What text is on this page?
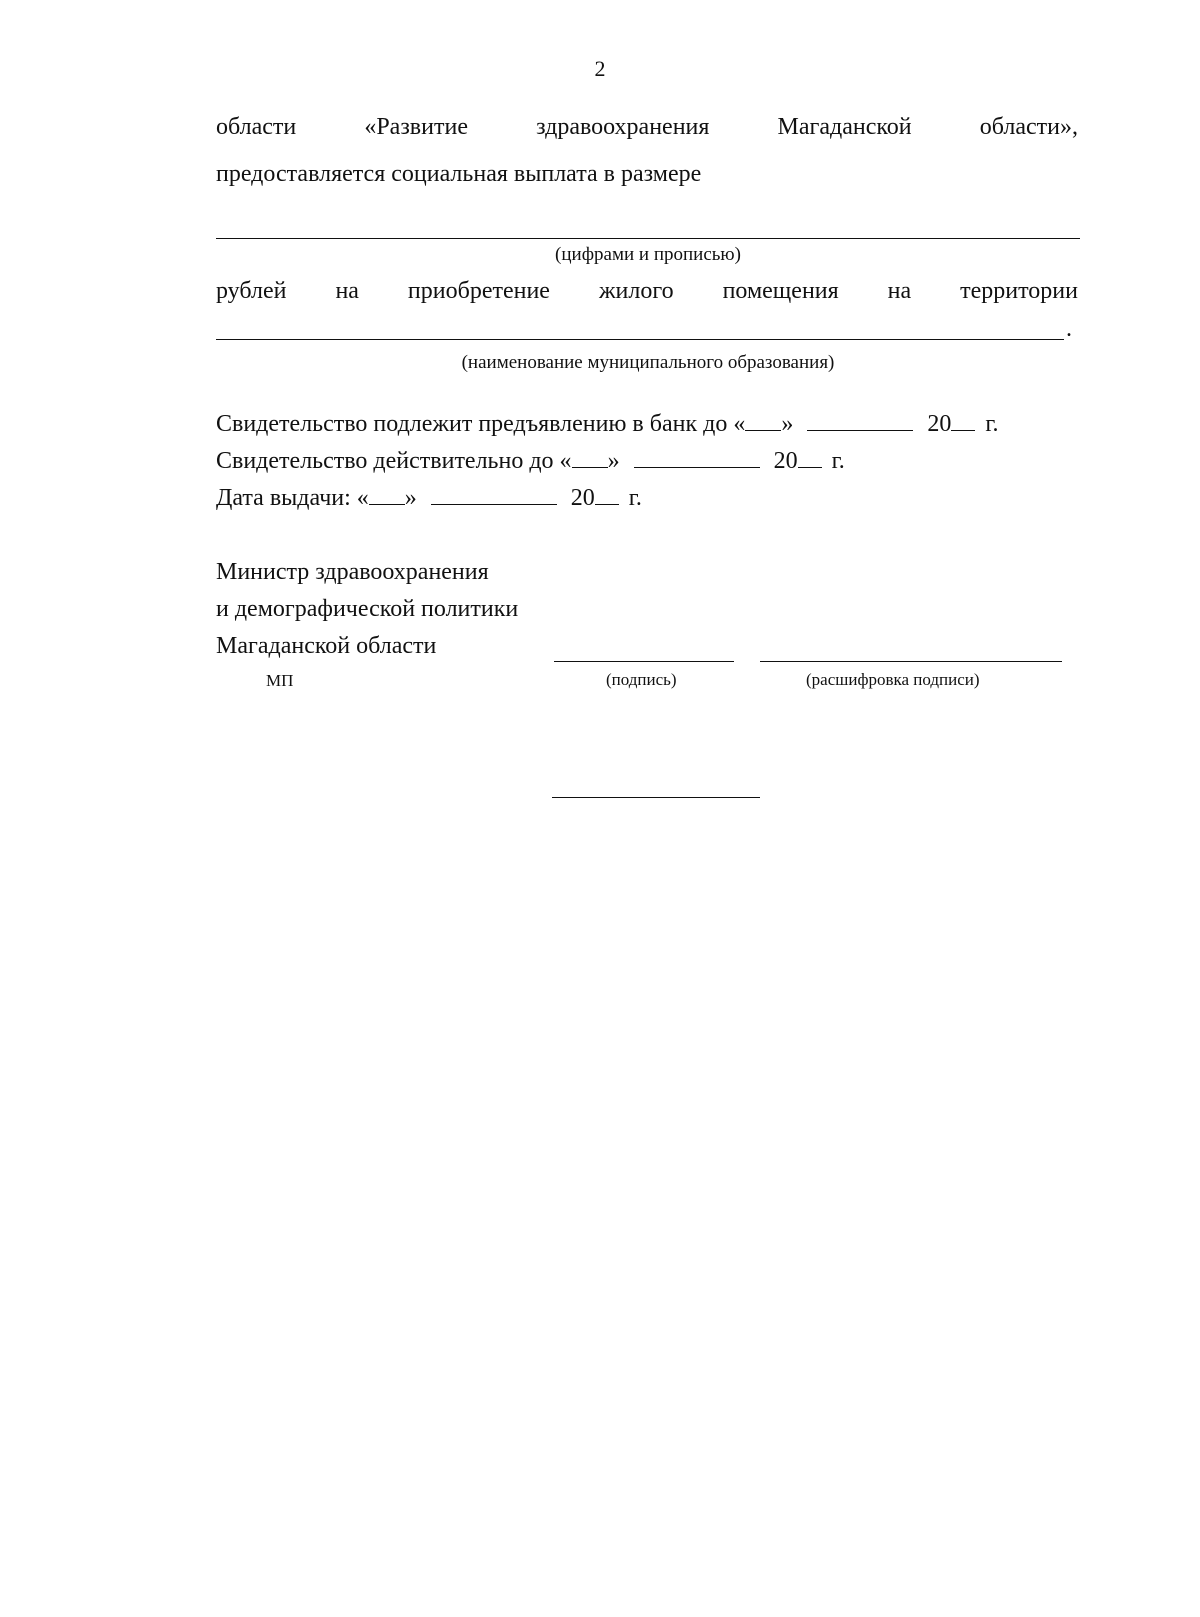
2
области	«Развитие	здравоохранения	Магаданской	области»,
предоставляется социальная выплата в размере
(цифрами и прописью)
рублей на приобретение жилого помещения на территории
.
(наименование муниципального образования)
Свидетельство подлежит предъявлению в банк до « »	20 г.
Свидетельство действительно до « »	20 г.
Дата выдачи: « »	20 г.
Министр здравоохранения
и демографической политики
Магаданской области
МП	(подпись)	(расшифровка подписи)
